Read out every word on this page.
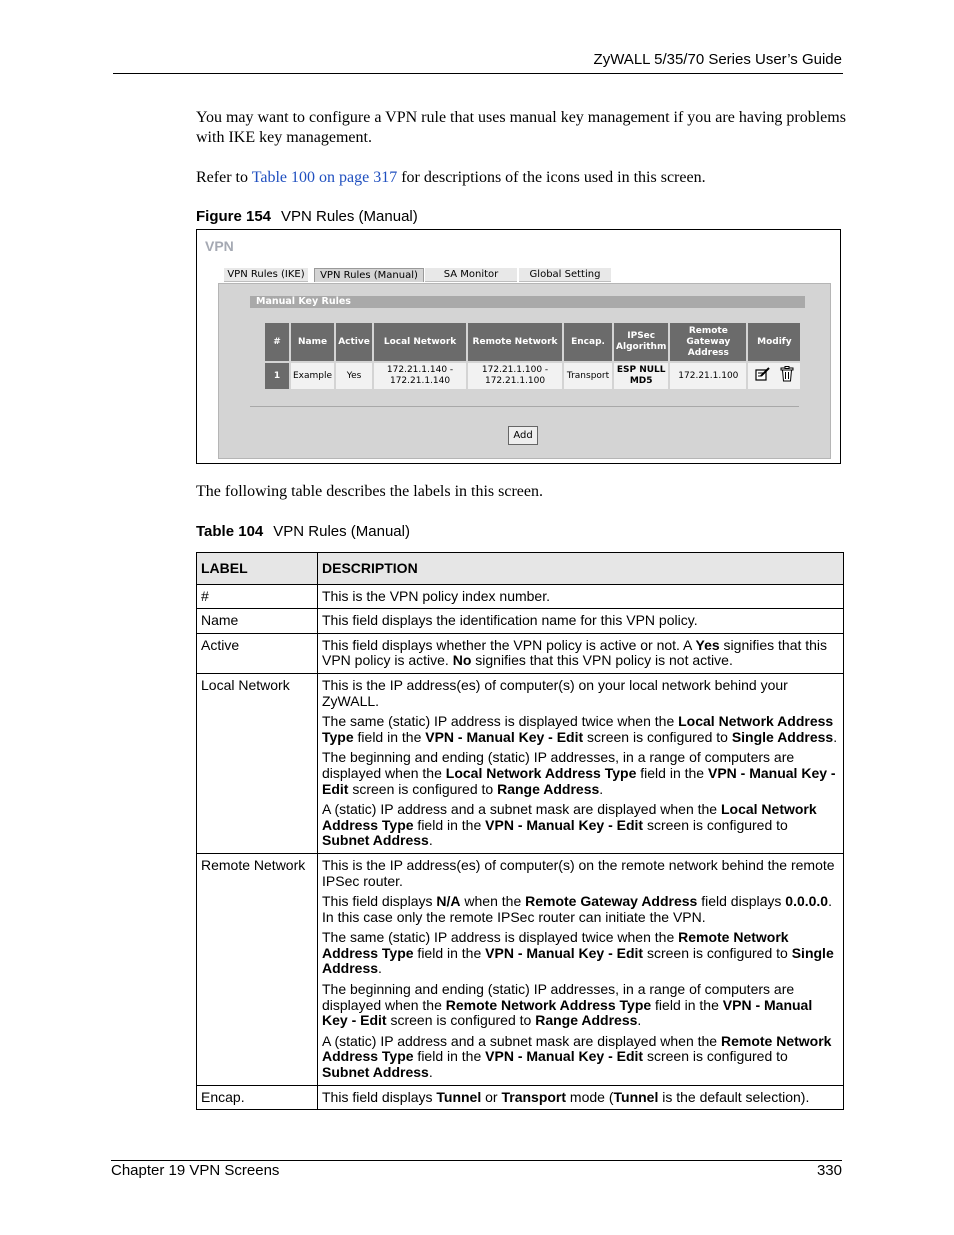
ZyWALL 5/35/70 Series User’s Guide
You may want to configure a VPN rule that uses manual key management if you are having problems with IKE key management.
Refer to Table 100 on page 317 for descriptions of the icons used in this screen.
Figure 154 VPN Rules (Manual)
VPN
VPN Rules (IKE)	VPN Rules (Manual)	SA Monitor	Global Setting
Manual Key Rules
#	Name	Active	Local Network	Remote Network	Encap.	IPSec Algorithm	Remote Gateway Address	Modify
1	Example	Yes	172.21.1.140 - 172.21.1.140	172.21.1.100 - 172.21.1.100	Transport	ESP NULL MD5	172.21.1.100	
Add
The following table describes the labels in this screen.
Table 104 VPN Rules (Manual)
LABEL	DESCRIPTION
#	This is the VPN policy index number.
Name	This field displays the identification name for this VPN policy.
Active	This field displays whether the VPN policy is active or not. A Yes signifies that this VPN policy is active. No signifies that this VPN policy is not active.
Local Network	This is the IP address(es) of computer(s) on your local network behind your ZyWALL.

The same (static) IP address is displayed twice when the Local Network Address Type field in the VPN - Manual Key - Edit screen is configured to Single Address.

The beginning and ending (static) IP addresses, in a range of computers are displayed when the Local Network Address Type field in the VPN - Manual Key - Edit screen is configured to Range Address.

A (static) IP address and a subnet mask are displayed when the Local Network Address Type field in the VPN - Manual Key - Edit screen is configured to Subnet Address.

Remote Network	This is the IP address(es) of computer(s) on the remote network behind the remote IPSec router.

This field displays N/A when the Remote Gateway Address field displays 0.0.0.0. In this case only the remote IPSec router can initiate the VPN.

The same (static) IP address is displayed twice when the Remote Network Address Type field in the VPN - Manual Key - Edit screen is configured to Single Address.

The beginning and ending (static) IP addresses, in a range of computers are displayed when the Remote Network Address Type field in the VPN - Manual Key - Edit screen is configured to Range Address.

A (static) IP address and a subnet mask are displayed when the Remote Network Address Type field in the VPN - Manual Key - Edit screen is configured to Subnet Address.

Encap.	This field displays Tunnel or Transport mode (Tunnel is the default selection).
Chapter 19 VPN Screens	330
